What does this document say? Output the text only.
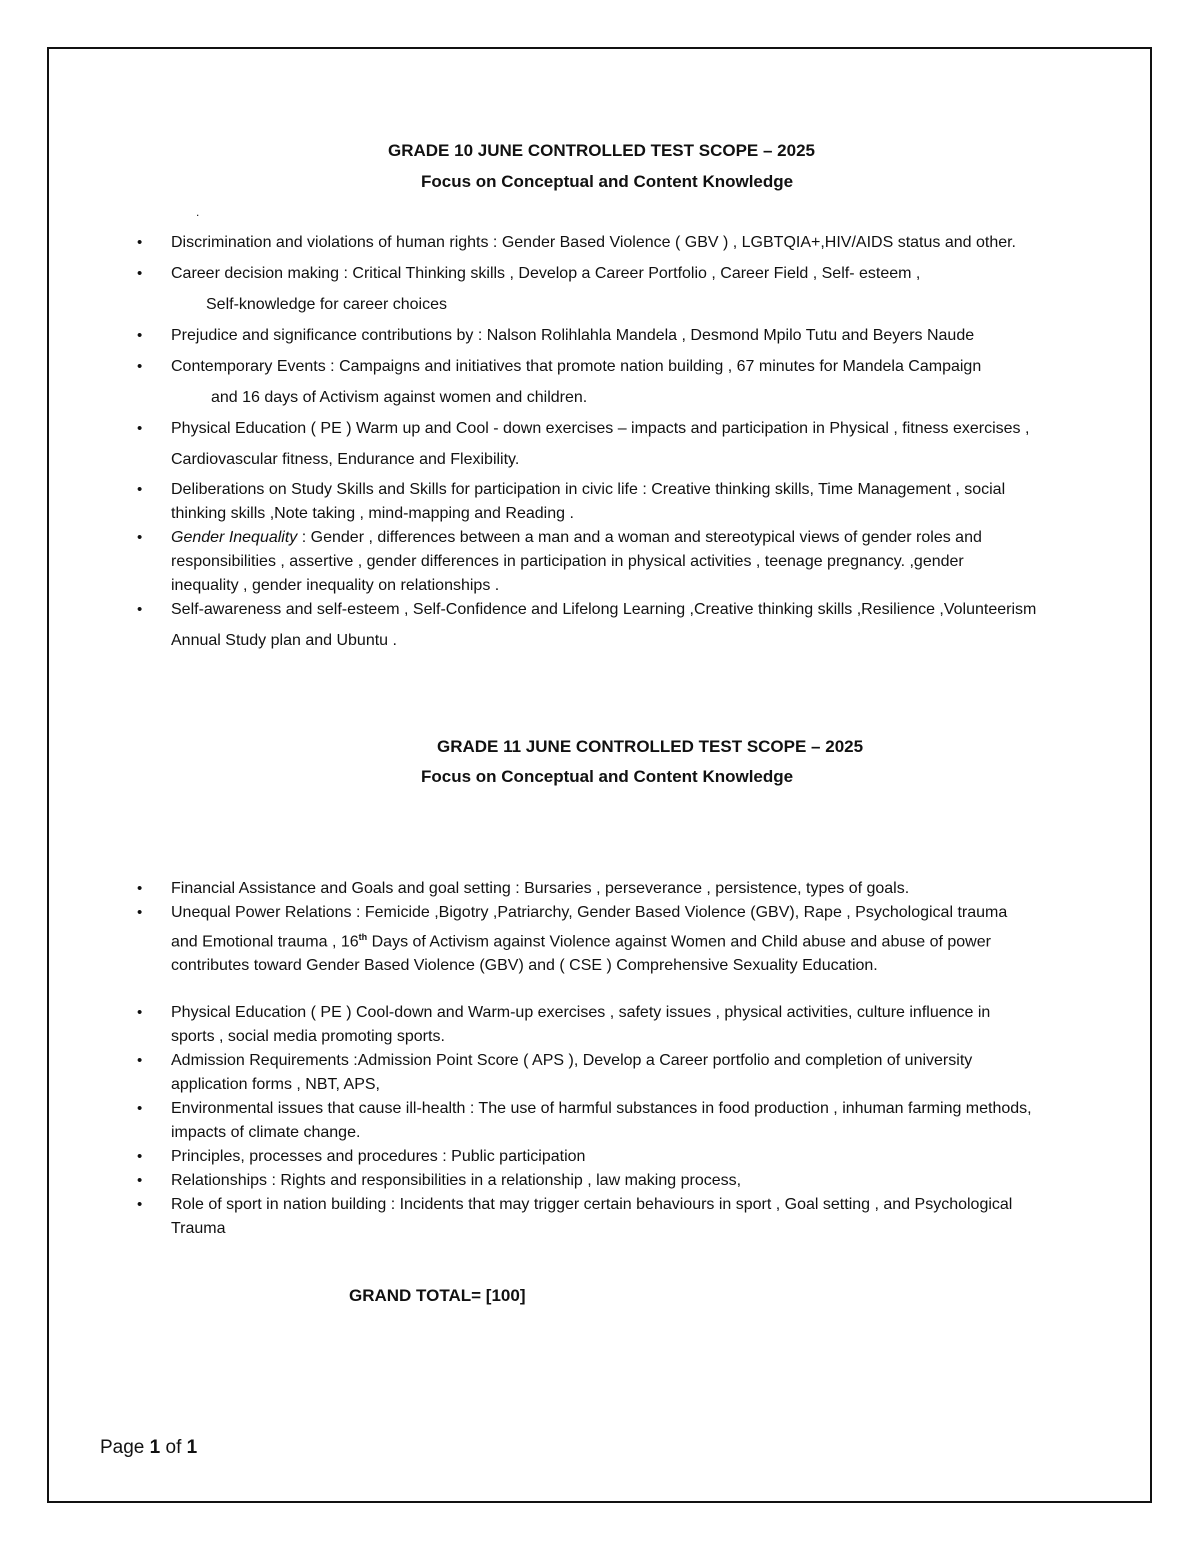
GRADE 10 JUNE CONTROLLED TEST SCOPE – 2025
Focus on Conceptual and Content Knowledge
.
• Discrimination and violations of human rights : Gender Based Violence ( GBV ) , LGBTQIA+,HIV/AIDS status and other.
• Career decision making : Critical Thinking skills , Develop a Career Portfolio , Career Field , Self- esteem ,
Self-knowledge for career choices
• Prejudice and significance contributions by : Nalson Rolihlahla Mandela , Desmond Mpilo Tutu and Beyers Naude
• Contemporary Events : Campaigns and initiatives that promote nation building , 67 minutes for Mandela Campaign
and 16 days of Activism against women and children.
• Physical Education ( PE ) Warm up and Cool - down exercises – impacts and participation in Physical , fitness exercises ,
Cardiovascular fitness, Endurance and Flexibility.
• Deliberations on Study Skills and Skills for participation in civic life : Creative thinking skills, Time Management , social
thinking skills ,Note taking , mind-mapping and Reading .
• Gender Inequality : Gender , differences between a man and a woman and stereotypical views of gender roles and
responsibilities , assertive , gender differences in participation in physical activities , teenage pregnancy. ,gender
inequality , gender inequality on relationships .
• Self-awareness and self-esteem , Self-Confidence and Lifelong Learning ,Creative thinking skills ,Resilience ,Volunteerism
Annual Study plan and Ubuntu .
GRADE 11 JUNE CONTROLLED TEST SCOPE – 2025
Focus on Conceptual and Content Knowledge
• Financial Assistance and Goals and goal setting : Bursaries , perseverance , persistence, types of goals.
• Unequal Power Relations : Femicide ,Bigotry ,Patriarchy, Gender Based Violence (GBV), Rape , Psychological trauma
and Emotional trauma , 16th Days of Activism against Violence against Women and Child abuse and abuse of power
contributes toward Gender Based Violence (GBV) and ( CSE ) Comprehensive Sexuality Education.
• Physical Education ( PE ) Cool-down and Warm-up exercises , safety issues , physical activities, culture influence in
sports , social media promoting sports.
• Admission Requirements :Admission Point Score ( APS ), Develop a Career portfolio and completion of university
application forms , NBT, APS,
• Environmental issues that cause ill-health : The use of harmful substances in food production , inhuman farming methods,
impacts of climate change.
• Principles, processes and procedures : Public participation
• Relationships : Rights and responsibilities in a relationship , law making process,
• Role of sport in nation building : Incidents that may trigger certain behaviours in sport , Goal setting , and Psychological
Trauma
GRAND TOTAL= [100]
Page 1 of 1
